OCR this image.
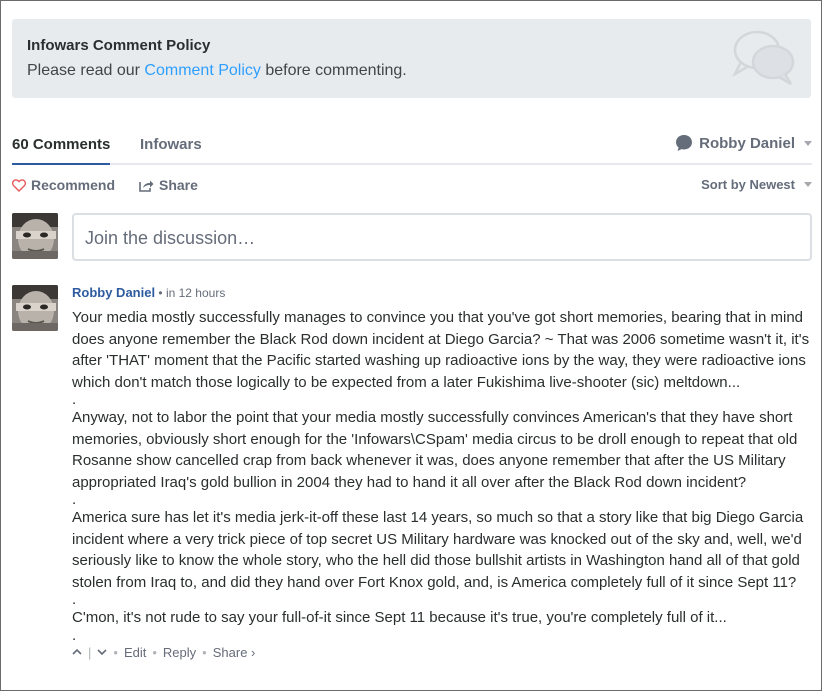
Infowars Comment Policy
Please read our Comment Policy before commenting.
60 Comments Infowars	Robby Daniel
Recommend	Share	Sort by Newest
Join the discussion…
Robby Daniel • in 12 hours

Your media mostly successfully manages to convince you that you've got short memories, bearing that in mind does anyone remember the Black Rod down incident at Diego Garcia? ~ That was 2006 sometime wasn't it, it's after 'THAT' moment that the Pacific started washing up radioactive ions by the way, they were radioactive ions which don't match those logically to be expected from a later Fukishima live-shooter (sic) meltdown...

.

Anyway, not to labor the point that your media mostly successfully convinces American's that they have short memories, obviously short enough for the 'Infowars\CSpam' media circus to be droll enough to repeat that old Rosanne show cancelled crap from back whenever it was, does anyone remember that after the US Military appropriated Iraq's gold bullion in 2004 they had to hand it all over after the Black Rod down incident?

.

America sure has let it's media jerk-it-off these last 14 years, so much so that a story like that big Diego Garcia incident where a very trick piece of top secret US Military hardware was knocked out of the sky and, well, we'd seriously like to know the whole story, who the hell did those bullshit artists in Washington hand all of that gold stolen from Iraq to, and did they hand over Fort Knox gold, and, is America completely full of it since Sept 11?

.

C'mon, it's not rude to say your full-of-it since Sept 11 because it's true, you're completely full of it...

.
| • Edit • Reply • Share ›
